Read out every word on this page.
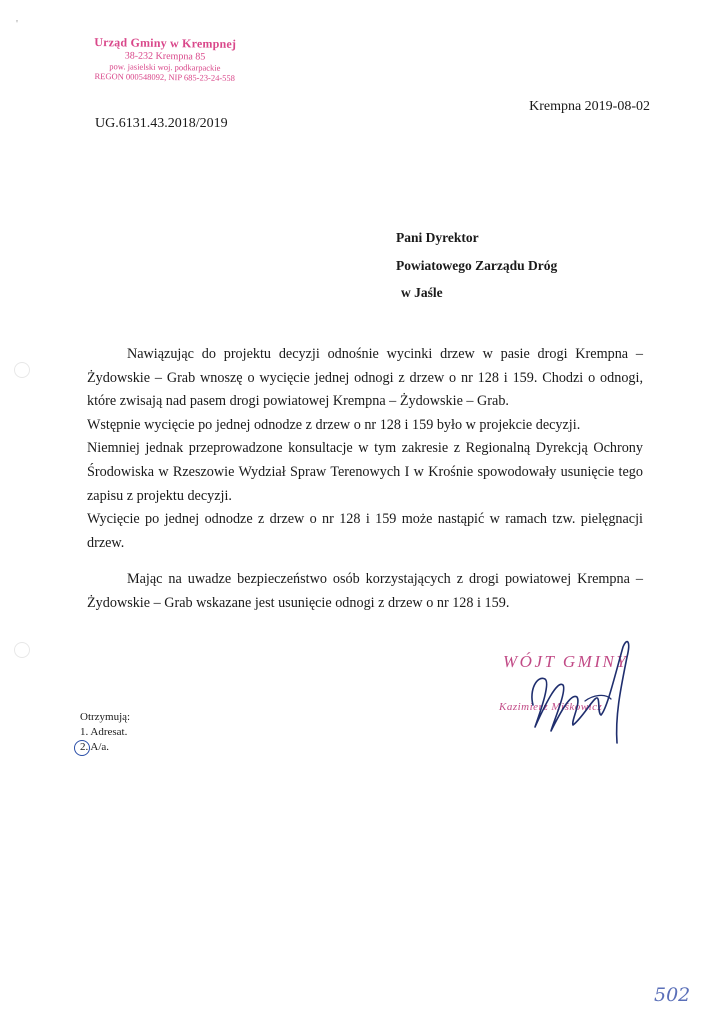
'
Urząd Gminy w Krempnej
38-232 Krempna 85
pow. jasielski woj. podkarpackie
REGON 000548092, NIP 685-23-24-558
Krempna 2019-08-02
UG.6131.43.2018/2019
Pani Dyrektor
Powiatowego Zarządu Dróg
w Jaśle

Nawiązując do projektu decyzji odnośnie wycinki drzew w pasie drogi Krempna – Żydowskie – Grab wnoszę o wycięcie jednej odnogi z drzew o nr 128 i 159. Chodzi o odnogi, które zwisają nad pasem drogi powiatowej Krempna – Żydowskie – Grab.

Wstępnie wycięcie po jednej odnodze z drzew o nr 128 i 159 było w projekcie decyzji.

Niemniej jednak przeprowadzone konsultacje w tym zakresie z Regionalną Dyrekcją Ochrony Środowiska w Rzeszowie Wydział Spraw Terenowych I w Krośnie spowodowały usunięcie tego zapisu z projektu decyzji.

Wycięcie po jednej odnodze z drzew o nr 128 i 159 może nastąpić w ramach tzw. pielęgnacji drzew.

Mając na uwadze bezpieczeństwo osób korzystających z drogi powiatowej Krempna – Żydowskie – Grab wskazane jest usunięcie odnogi z drzew o nr 128 i 159.

WÓJT GMINY
Kazimierz Miśkowicz
Otrzymują:
1. Adresat.
2. A/a.
502
